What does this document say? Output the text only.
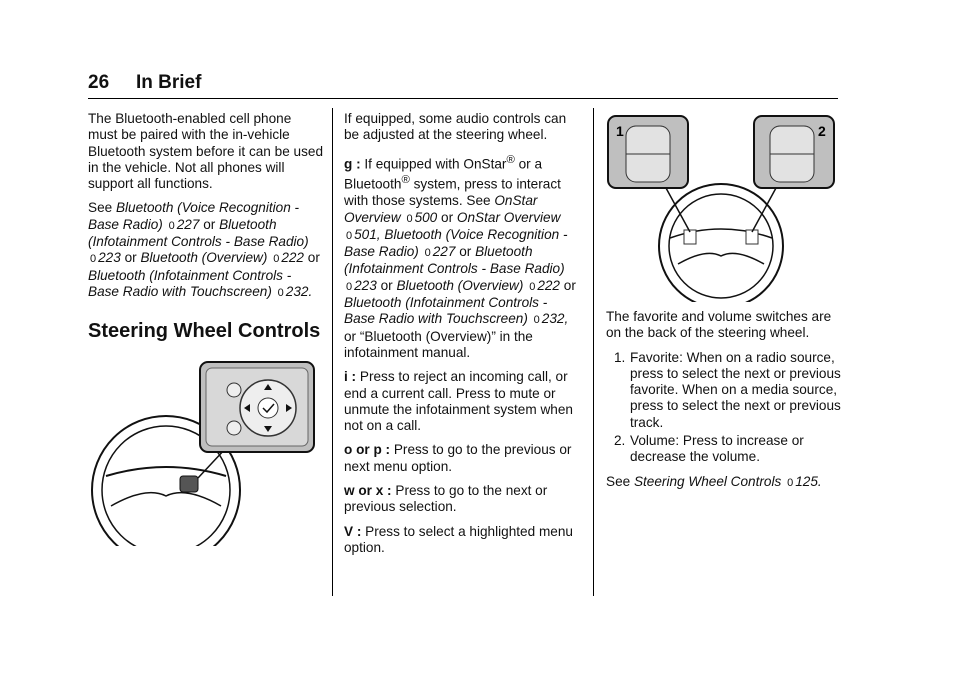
26 In Brief

The Bluetooth-enabled cell phone must be paired with the in-vehicle Bluetooth system before it can be used in the vehicle. Not all phones will support all functions.

See Bluetooth (Voice Recognition - Base Radio) 0 227 or Bluetooth (Infotainment Controls - Base Radio) 0 223 or Bluetooth (Overview) 0 222 or Bluetooth (Infotainment Controls - Base Radio with Touchscreen) 0 232.

Steering Wheel Controls

If equipped, some audio controls can be adjusted at the steering wheel.

g : If equipped with OnStar® or a Bluetooth® system, press to interact with those systems. See OnStar Overview 0 500 or OnStar Overview 0 501, Bluetooth (Voice Recognition - Base Radio) 0 227 or Bluetooth (Infotainment Controls - Base Radio) 0 223 or Bluetooth (Overview) 0 222 or Bluetooth (Infotainment Controls - Base Radio with Touchscreen) 0 232, or “Bluetooth (Overview)” in the infotainment manual.

i : Press to reject an incoming call, or end a current call. Press to mute or unmute the infotainment system when not on a call.

o or p : Press to go to the previous or next menu option.

w or x : Press to go to the next or previous selection.

V : Press to select a highlighted menu option.

1	2

The favorite and volume switches are on the back of the steering wheel.

1. Favorite: When on a radio source, press to select the next or previous favorite. When on a media source, press to select the next or previous track.
2. Volume: Press to increase or decrease the volume.

See Steering Wheel Controls 0 125.
